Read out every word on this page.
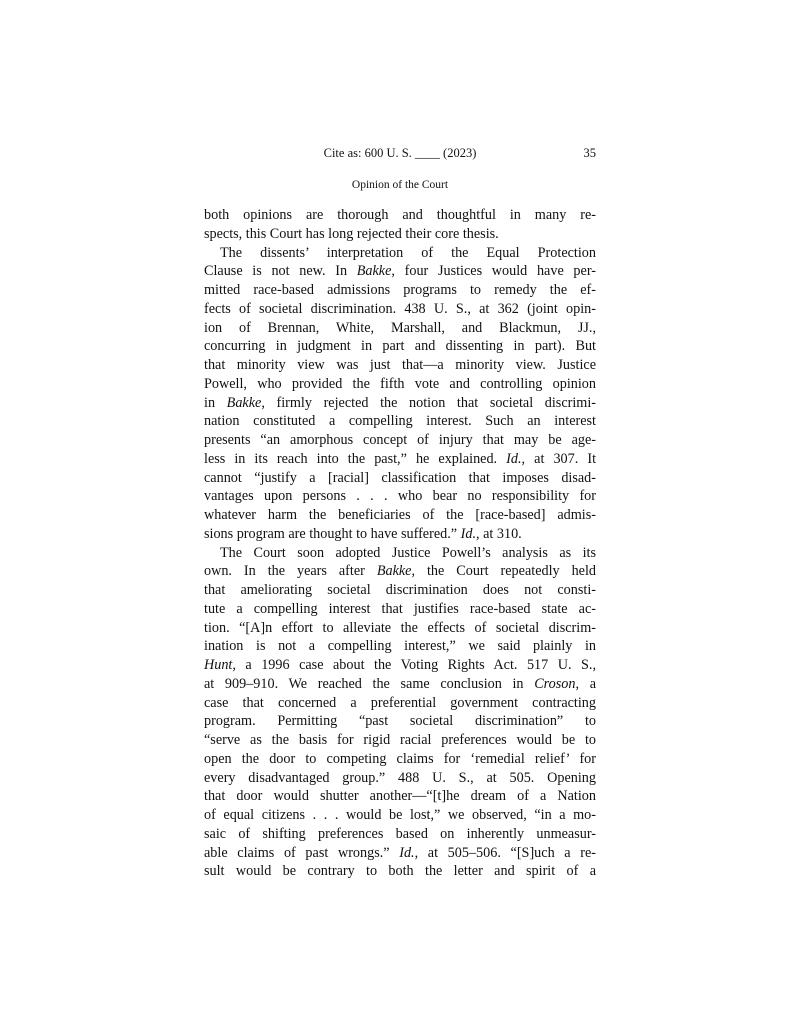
Cite as: 600 U. S. ____ (2023)	35
Opinion of the Court
both opinions are thorough and thoughtful in many re-
spects, this Court has long rejected their core thesis.
The dissents’ interpretation of the Equal Protection
Clause is not new. In Bakke, four Justices would have per-
mitted race-based admissions programs to remedy the ef-
fects of societal discrimination. 438 U. S., at 362 (joint opin-
ion of Brennan, White, Marshall, and Blackmun, JJ.,
concurring in judgment in part and dissenting in part). But
that minority view was just that—a minority view. Justice
Powell, who provided the fifth vote and controlling opinion
in Bakke, firmly rejected the notion that societal discrimi-
nation constituted a compelling interest. Such an interest
presents “an amorphous concept of injury that may be age-
less in its reach into the past,” he explained. Id., at 307. It
cannot “justify a [racial] classification that imposes disad-
vantages upon persons . . . who bear no responsibility for
whatever harm the beneficiaries of the [race-based] admis-
sions program are thought to have suffered.” Id., at 310.
The Court soon adopted Justice Powell’s analysis as its
own. In the years after Bakke, the Court repeatedly held
that ameliorating societal discrimination does not consti-
tute a compelling interest that justifies race-based state ac-
tion. “[A]n effort to alleviate the effects of societal discrim-
ination is not a compelling interest,” we said plainly in
Hunt, a 1996 case about the Voting Rights Act. 517 U. S.,
at 909–910. We reached the same conclusion in Croson, a
case that concerned a preferential government contracting
program. Permitting “past societal discrimination” to
“serve as the basis for rigid racial preferences would be to
open the door to competing claims for ‘remedial relief’ for
every disadvantaged group.” 488 U. S., at 505. Opening
that door would shutter another—“[t]he dream of a Nation
of equal citizens . . . would be lost,” we observed, “in a mo-
saic of shifting preferences based on inherently unmeasur-
able claims of past wrongs.” Id., at 505–506. “[S]uch a re-
sult would be contrary to both the letter and spirit of a
